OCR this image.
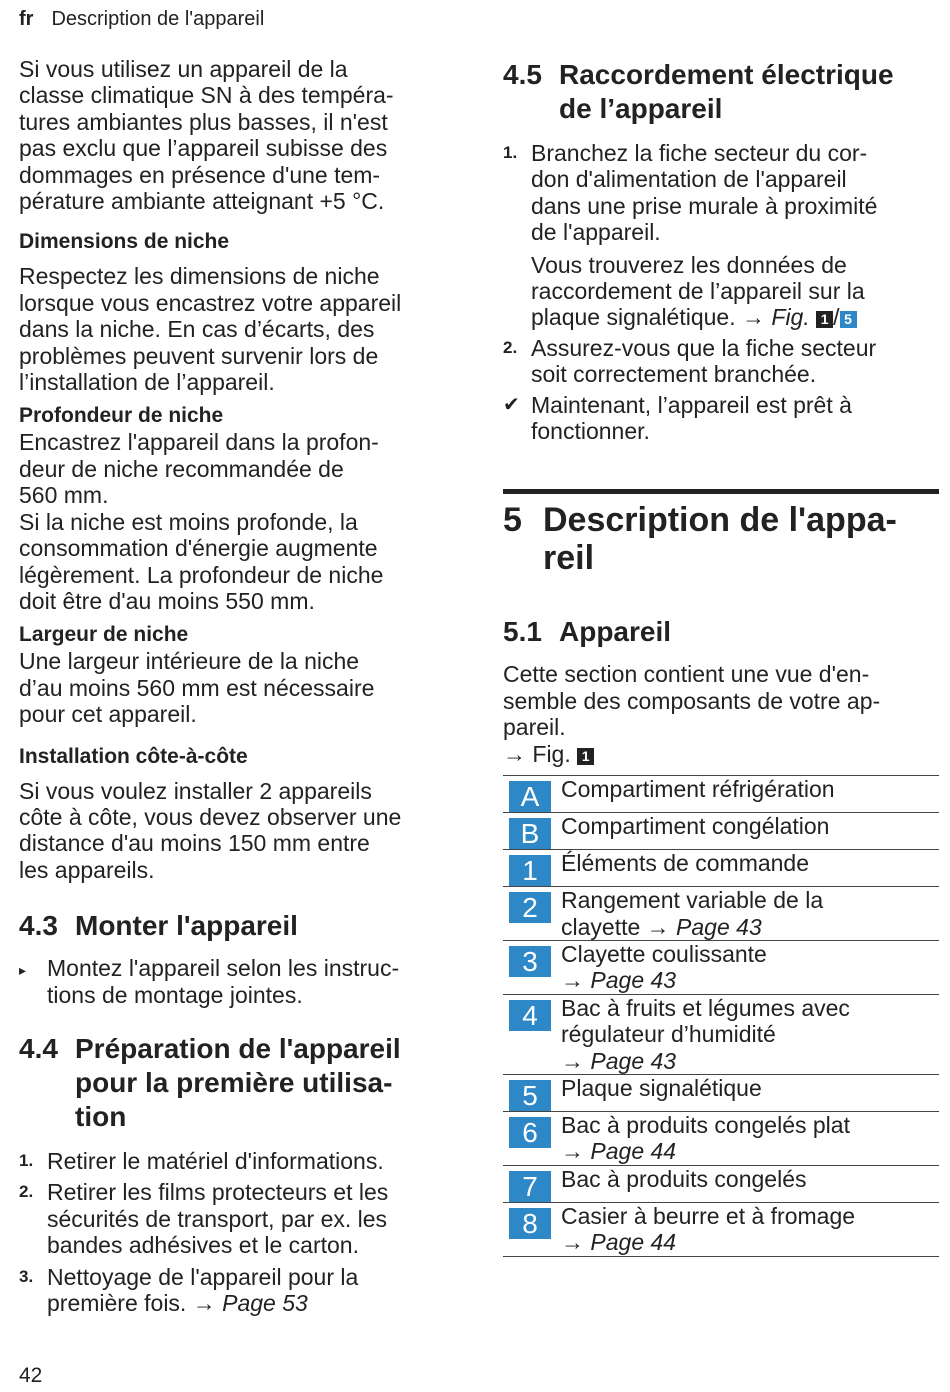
fr Description de l'appareil

Si vous utilisez un appareil de la
classe climatique SN à des tempéra-
tures ambiantes plus basses, il n'est
pas exclu que l’appareil subisse des
dommages en présence d'une tem-
pérature ambiante atteignant +5 °C.

Dimensions de niche

Respectez les dimensions de niche
lorsque vous encastrez votre appareil
dans la niche. En cas d’écarts, des
problèmes peuvent survenir lors de
l’installation de l’appareil.

Profondeur de niche

Encastrez l'appareil dans la profon-
deur de niche recommandée de
560 mm.
Si la niche est moins profonde, la
consommation d'énergie augmente
légèrement. La profondeur de niche
doit être d'au moins 550 mm.

Largeur de niche

Une largeur intérieure de la niche
d’au moins 560 mm est nécessaire
pour cet appareil.

Installation côte-à-côte

Si vous voulez installer 2 appareils
côte à côte, vous devez observer une
distance d'au moins 150 mm entre
les appareils.

4.3 Monter l'appareil
▸ Montez l'appareil selon les instruc-
tions de montage jointes.
4.4 Préparation de l'appareil
pour la première utilisa-
tion
1. Retirer le matériel d'informations.
2. Retirer les films protecteurs et les
sécurités de transport, par ex. les
bandes adhésives et le carton.
3. Nettoyage de l'appareil pour la
première fois. → Page 53
4.5 Raccordement électrique
de l’appareil
1. Branchez la fiche secteur du cor-
don d'alimentation de l'appareil
dans une prise murale à proximité
de l'appareil.
Vous trouverez les données de
raccordement de l’appareil sur la
plaque signalétique. → Fig. 1 / 5
2. Assurez-vous que la fiche secteur
soit correctement branchée.
✔ Maintenant, l’appareil est prêt à
fonctionner.
5 Description de l'appa-
reil
5.1 Appareil

Cette section contient une vue d'en-
semble des composants de votre ap-
pareil.
→ Fig. 1

A	Compartiment réfrigération
B	Compartiment congélation
1	Éléments de commande
2	Rangement variable de la
clayette → Page 43
3	Clayette coulissante
→ Page 43
4	Bac à fruits et légumes avec
régulateur d’humidité
→ Page 43
5	Plaque signalétique
6	Bac à produits congelés plat
→ Page 44
7	Bac à produits congelés
8	Casier à beurre et à fromage
→ Page 44
42
